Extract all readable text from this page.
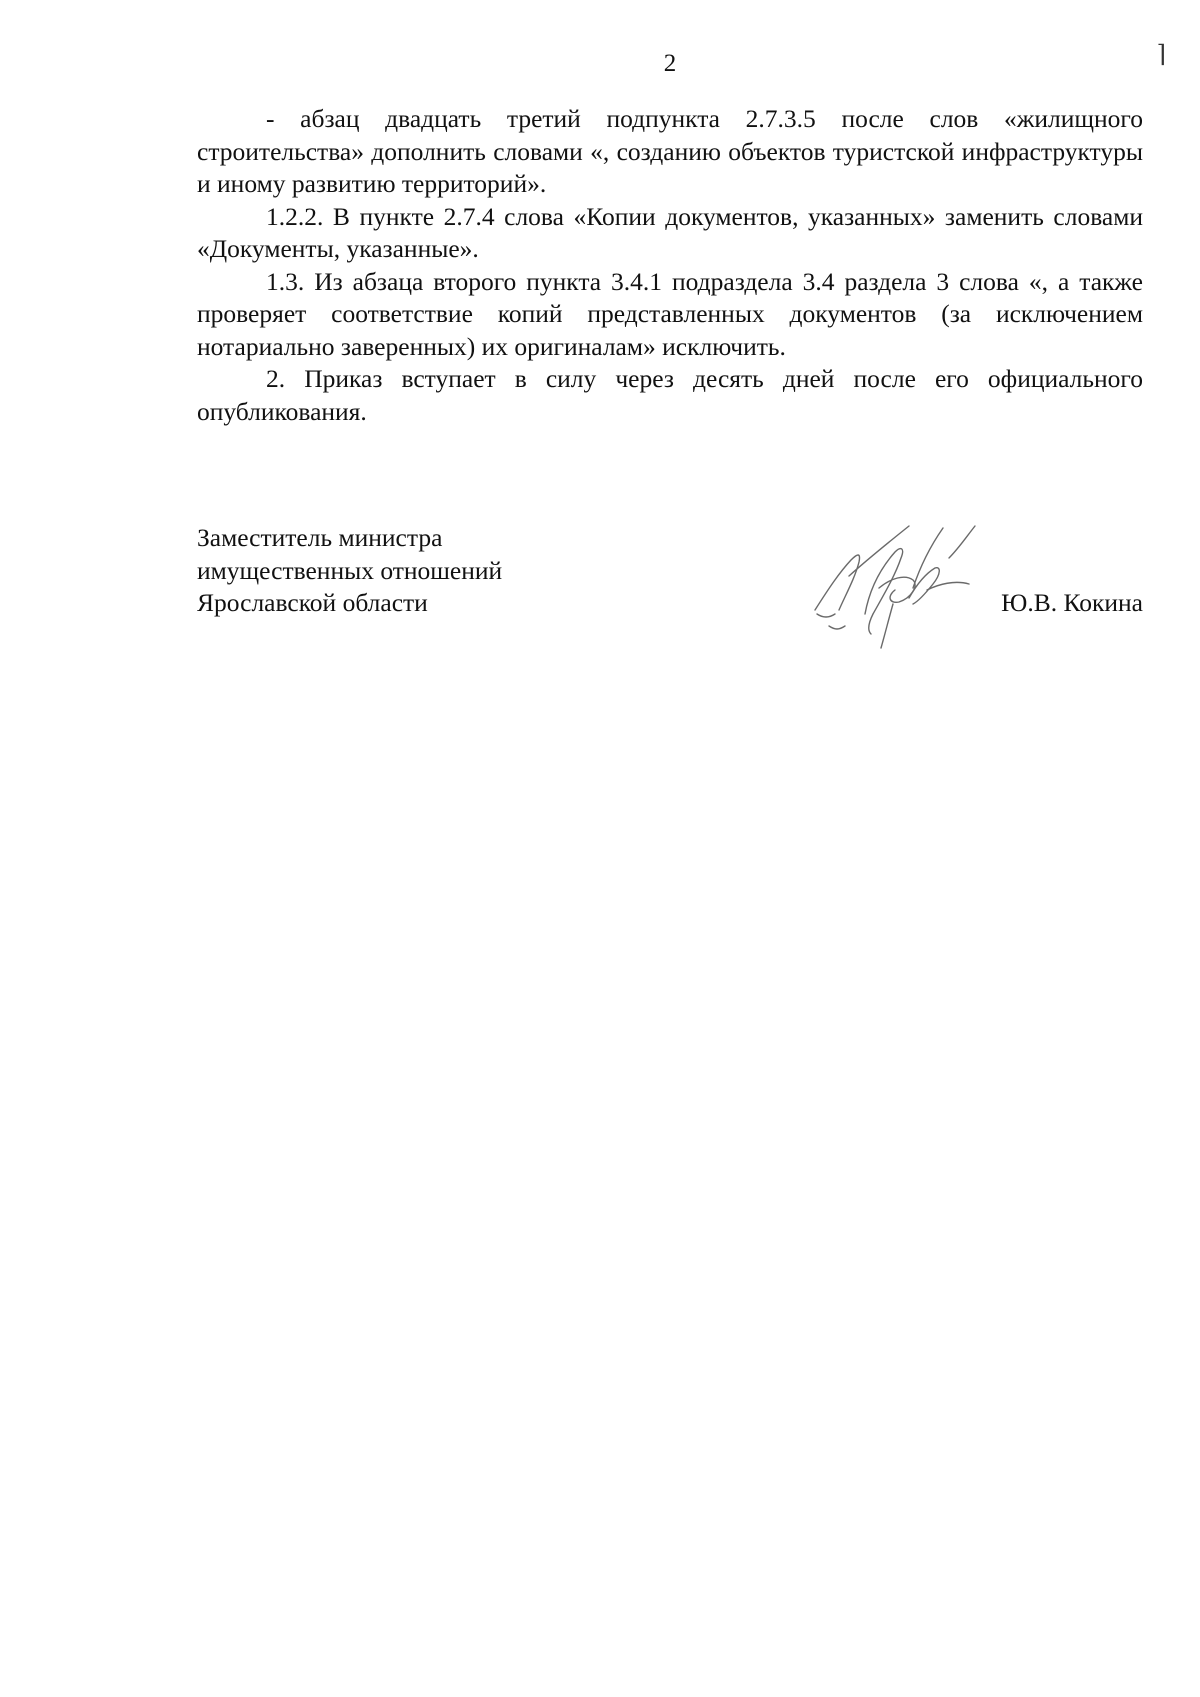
2	⌉

- абзац двадцать третий подпункта 2.7.3.5 после слов «жилищного строительства» дополнить словами «, созданию объектов туристской инфраструктуры и иному развитию территорий».

1.2.2. В пункте 2.7.4 слова «Копии документов, указанных» заменить словами «Документы, указанные».

1.3. Из абзаца второго пункта 3.4.1 подраздела 3.4 раздела 3 слова «, а также проверяет соответствие копий представленных документов (за исключением нотариально заверенных) их оригиналам» исключить.

2. Приказ вступает в силу через десять дней после его официального опубликования.

Заместитель министра
имущественных отношений
Ярославской области	Ю.В. Кокина
